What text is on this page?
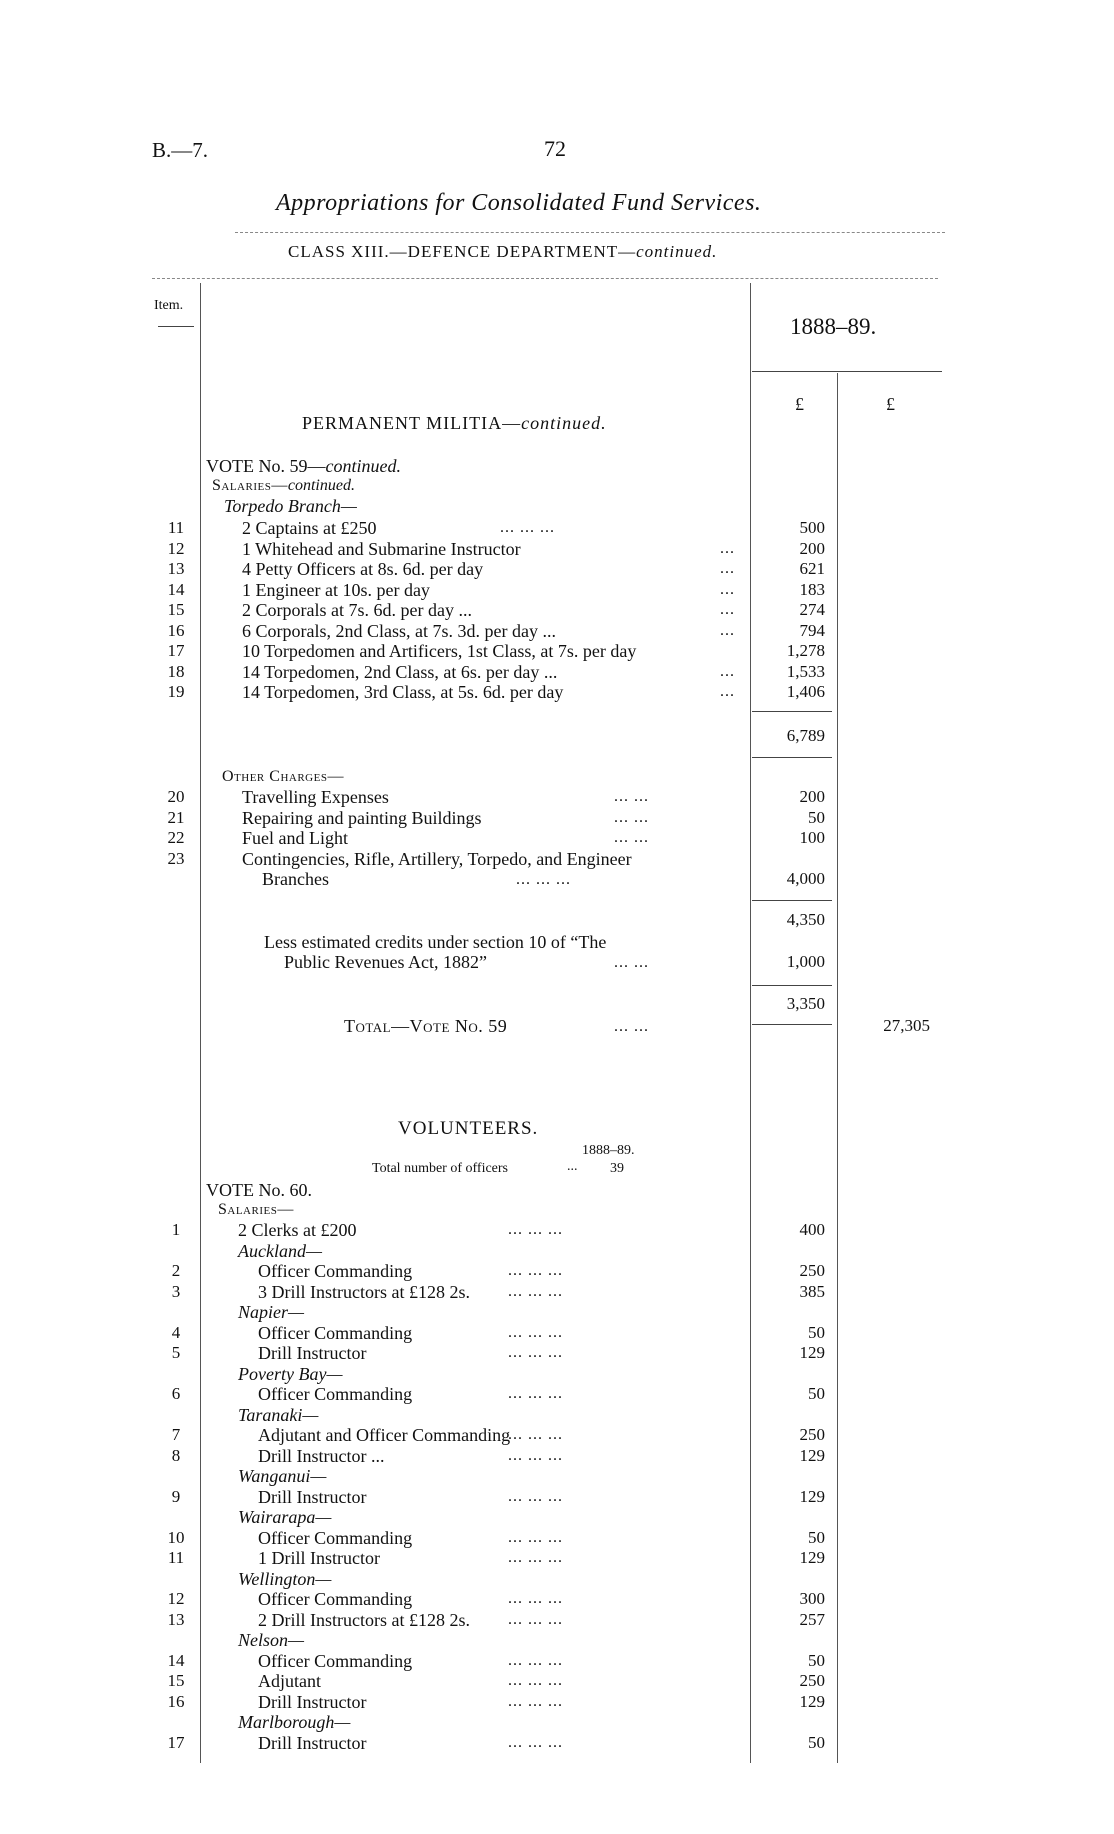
B.—7.	72
Appropriations for Consolidated Fund Services.
CLASS XIII.—DEFENCE DEPARTMENT—continued.
Item.
1888–89.
£	£
PERMANENT MILITIA—continued.
VOTE No. 59—continued.
Salaries—continued.
Torpedo Branch—
11	2 Captains at £250	... ... ...	500
12	1 Whitehead and Submarine Instructor	...	200
13	4 Petty Officers at 8s. 6d. per day	...	621
14	1 Engineer at 10s. per day	...	183
15	2 Corporals at 7s. 6d. per day ...	...	274
16	6 Corporals, 2nd Class, at 7s. 3d. per day ...	...	794
17	10 Torpedomen and Artificers, 1st Class, at 7s. per day	1,278
18	14 Torpedomen, 2nd Class, at 6s. per day ...	...	1,533
19	14 Torpedomen, 3rd Class, at 5s. 6d. per day	...	1,406
6,789
Other Charges—
20	Travelling Expenses	... ...	200
21	Repairing and painting Buildings	... ...	50
22	Fuel and Light	... ...	100
23	Contingencies, Rifle, Artillery, Torpedo, and Engineer
Branches	... ... ...	4,000
4,350
Less estimated credits under section 10 of “The
Public Revenues Act, 1882”	... ...	1,000
3,350
Total—Vote No. 59	... ...	27,305
VOLUNTEERS.
1888–89.
Total number of officers	... 39
VOTE No. 60.
Salaries—
1	2 Clerks at £200	... ... ...	400
Auckland—
2	Officer Commanding	... ... ...	250
3	3 Drill Instructors at £128 2s. ... ... ...	385
Napier—
4	Officer Commanding	... ... ...	50
5	Drill Instructor	... ... ...	129
Poverty Bay—
6	Officer Commanding	... ... ...	50
Taranaki—
7	Adjutant and Officer Commanding
... ... ...	250
8	Drill Instructor ...	... ... ...	129
Wanganui—
9	Drill Instructor	... ... ...	129
Wairarapa—
10	Officer Commanding	... ... ...	50
11	1 Drill Instructor	... ... ...	129
Wellington—
12	Officer Commanding	... ... ...	300
13	2 Drill Instructors at £128 2s. ... ... ...	257
Nelson—
14	Officer Commanding	... ... ...	50
15	Adjutant	... ... ...	250
16	Drill Instructor	... ... ...	129
Marlborough—
17	Drill Instructor	... ... ...	50
